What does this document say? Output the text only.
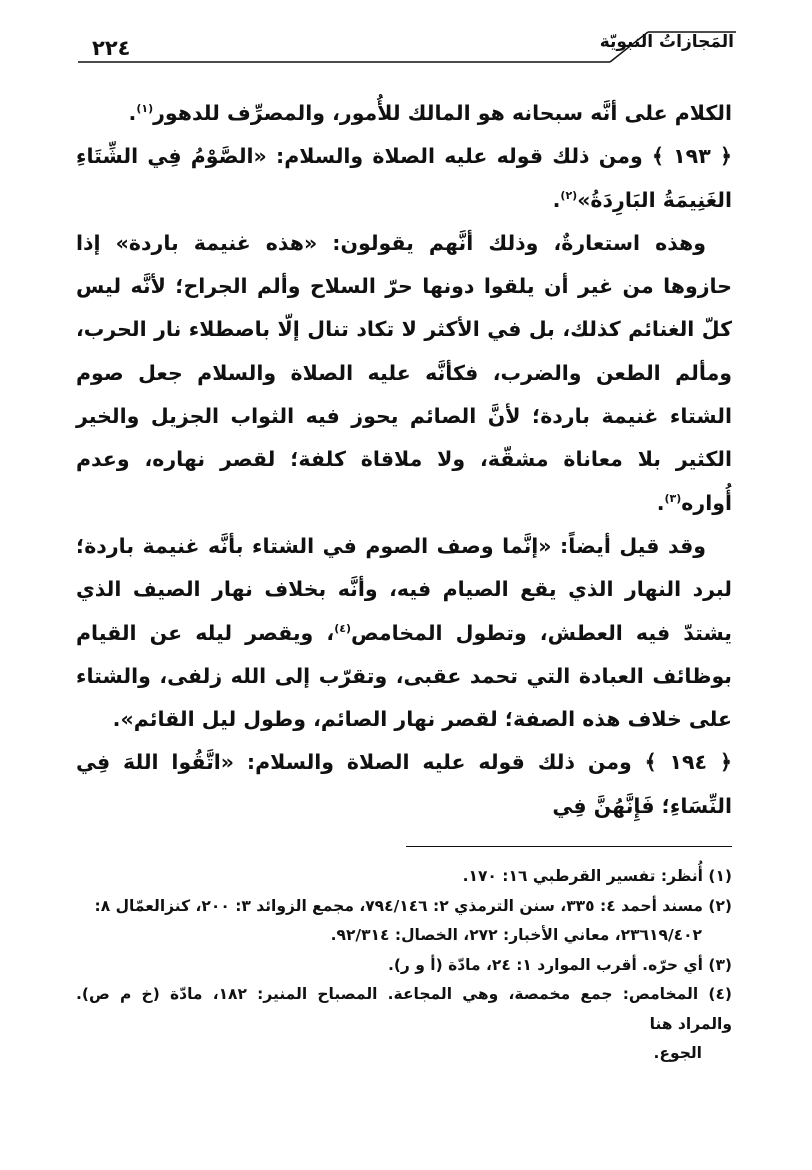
المَجازاتُ النبويّة
٢٢٤

الكلام على أنَّه سبحانه هو المالك للأُمور، والمصرِّف للدهور$^{(١)}$.

﴿ ١٩٣ ﴾ ومن ذلك قوله عليه الصلاة والسلام: «الصَّوْمُ فِي الشِّتَاءِ الغَنِيمَةُ البَارِدَةُ»$^{(٢)}$.

وهذه استعارةٌ، وذلك أنَّهم يقولون: «هذه غنيمة باردة» إذا حازوها من غير أن يلقوا دونها حرّ السلاح وألم الجراح؛ لأنَّه ليس كلّ الغنائم كذلك، بل في الأكثر لا تكاد تنال إلّا باصطلاء نار الحرب، ومألم الطعن والضرب، فكأنَّه عليه الصلاة والسلام جعل صوم الشتاء غنيمة باردة؛ لأنَّ الصائم يحوز فيه الثواب الجزيل والخير الكثير بلا معاناة مشقّة، ولا ملاقاة كلفة؛ لقصر نهاره، وعدم أُواره$^{(٣)}$.

وقد قيل أيضاً: «إنَّما وصف الصوم في الشتاء بأنَّه غنيمة باردة؛ لبرد النهار الذي يقع الصيام فيه، وأنَّه بخلاف نهار الصيف الذي يشتدّ فيه العطش، وتطول المخامص$^{(٤)}$، ويقصر ليله عن القيام بوظائف العبادة التي تحمد عقبى، وتقرّب إلى الله زلفى، والشتاء على خلاف هذه الصفة؛ لقصر نهار الصائم، وطول ليل القائم».

﴿ ١٩٤ ﴾ ومن ذلك قوله عليه الصلاة والسلام: «اتَّقُوا اللهَ فِي النِّسَاءِ؛ فَإِنَّهُنَّ فِي

(١) أُنظر: تفسير القرطبي ١٦: ١٧٠.

(٢) مسند أحمد ٤: ٣٣٥، سنن الترمذي ٢: ٧٩٤/١٤٦، مجمع الزوائد ٣: ٢٠٠، كنزالعمّال ٨:

٢٣٦١٩/٤٠٢، معاني الأخبار: ٢٧٢، الخصال: ٩٢/٣١٤.

(٣) أي حرّه. أقرب الموارد ١: ٢٤، مادّة (أ و ر).

(٤) المخامص: جمع مخمصة، وهي المجاعة. المصباح المنير: ١٨٢، مادّة (خ م ص). والمراد هنا

الجوع.
